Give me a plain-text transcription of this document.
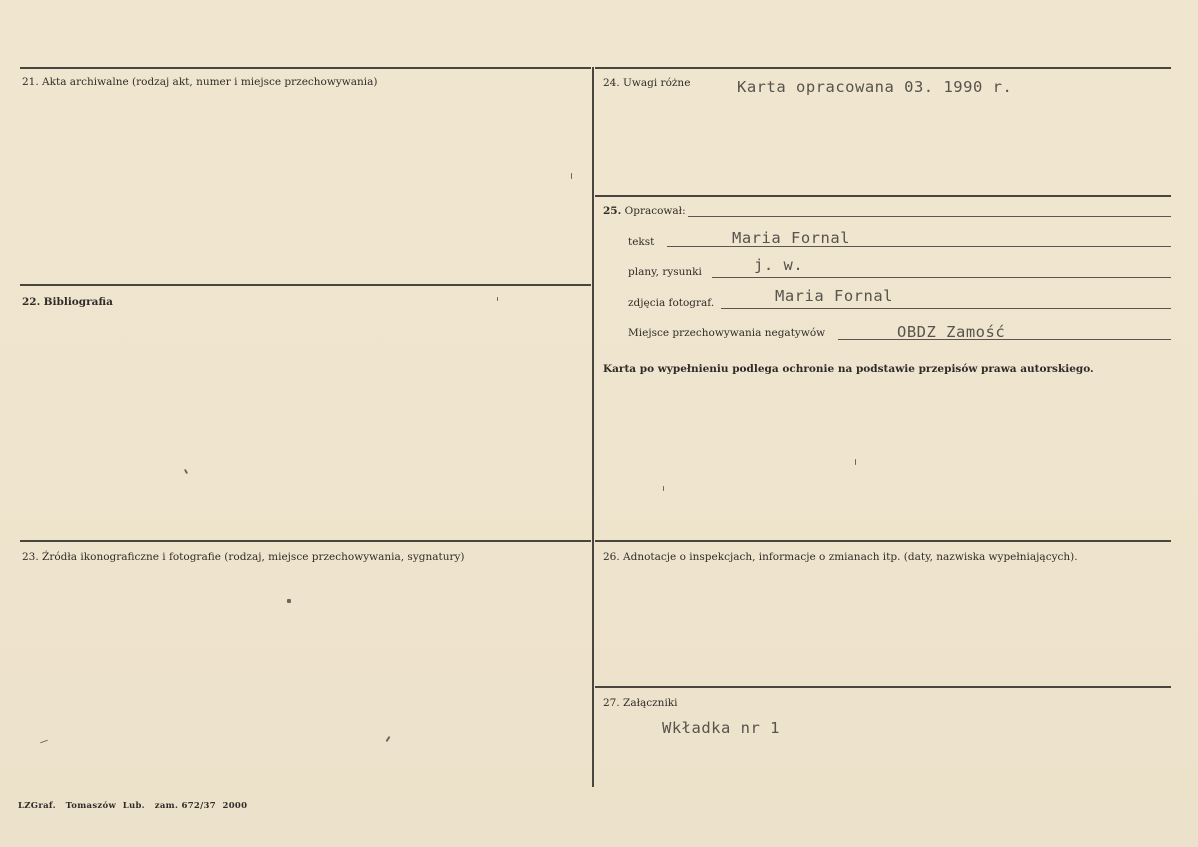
21. Akta archiwalne (rodzaj akt, numer i miejsce przechowywania)
22. Bibliografia
23. Źródła ikonograficzne i fotografie (rodzaj, miejsce przechowywania, sygnatury)
24. Uwagi różne	Karta opracowana 03. 1990 r.
25. Opracował:
tekst	Maria Fornal
plany, rysunki	j. w.
zdjęcia fotograf.	Maria Fornal
Miejsce przechowywania negatywów	OBDZ Zamość
Karta po wypełnieniu podlega ochronie na podstawie przepisów prawa autorskiego.
26. Adnotacje o inspekcjach, informacje o zmianach itp. (daty, nazwiska wypełniających).
27. Załączniki
Wkładka nr 1
LZGraf. Tomaszów Lub. zam. 672/37 2000
